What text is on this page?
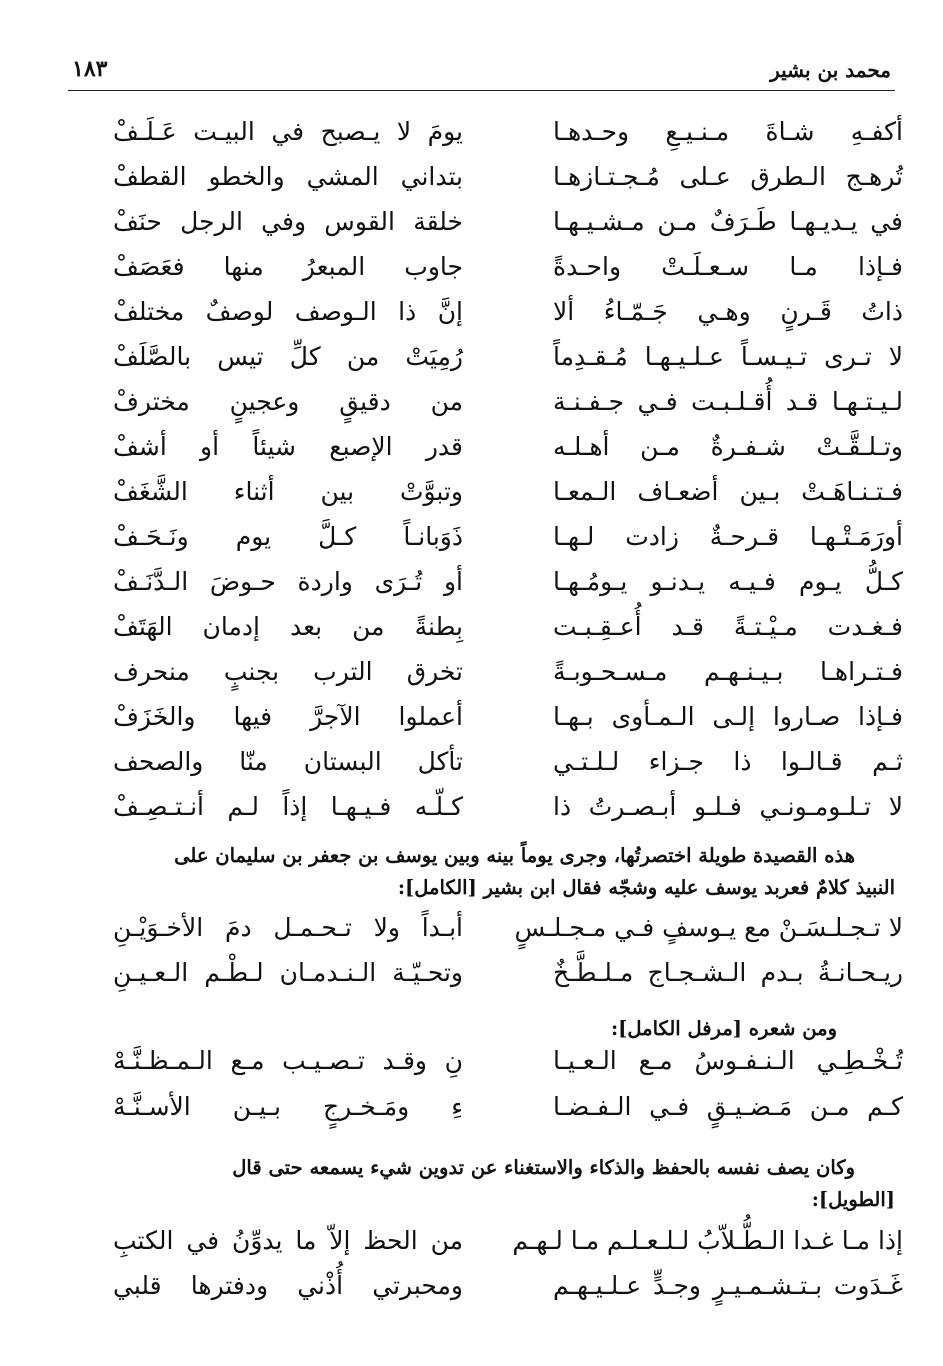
محمد بن بشير
١٨٣
أكفـهِ شـاةَ مـنـيـعِ وحـدهـا
يومَ لا يـصبح في البيـت عَـلَـفْ
تُرهـج الـطرق عـلى مُـجـتـازهـا
بتداني المشي والخطو القطفْ
في يـديـهـا طَـرَفٌ مـن مـشـيـهـا
خلقة القوس وفي الرجل حنَفْ
فـإذا مـا سـعـلَـتْ واحـدةً
جاوب المبعرُ منها فعَصَفْ
ذاتُ قَـرنٍ وهـي جَـمّـاءُ ألا
إنَّ ذا الـوصف لوصفٌ مختلفْ
لا تـرى تـيـسـاً عـلـيـهـا مُـقـدِماً
رُمِيَتْ من كلِّ تيس بالصَّلَفْ
لـيـتـهـا قـد أُقـلـبـت فـي جـفـنـة
من دقيقٍ وعجينٍ مخترفْ
وتـلـقَّـتْ شـفـرةٌ مـن أهـلـه
قدر الإصبع شيئاً أو أشفْ
فـتـنـاهَـتْ بـين أضعـاف الـمعـا
وتبوَّتْ بين أثناء الشَّغَفْ
أورَمَـتْـهـا قـرحـةٌ زادت لـهـا
ذَوَبانـاً كـلَّ يوم ونَـحَـفْ
كـلُّ يـوم فـيـه يـدنـو يـومُـهـا
أو تُـرَى واردة حـوضَ الـدَّنَـفْ
فـغـدت مـيْـتـةً قـد أُعـقِـبـت
بِطنةً من بعد إدمان الهَتَفْ
فـتـراهـا بـيـنـهـم مـسـحـوبـةً
تخرق الترب بجنبٍ منحرف
فـإذا صـاروا إلـى الـمـأوى بـهـا
أعملوا الآجرَّ فيها والخَزَفْ
ثـم قـالـوا ذا جـزاء لـلـتـي
تأكل البستان منّا والصحف
لا تـلـومـونـي فـلـو أبـصـرتُ ذا
كـلّـه فـيـهـا إذاً لـم أنـتـصِـفْ
هذه القصيدة طويلة اختصرتُها، وجرى يوماً بينه وبين يوسف بن جعفر بن سليمان على
النبيذ كلامٌ فعربد يوسف عليه وشجّه فقال ابن بشير [الكامل]:
لا تـجـلـسَـنْ مع يـوسفٍ فـي مـجـلـسٍ
أبـداً ولا تـحـمـل دمَ الأخـوَيْـنِ
ريـحـانـةُ بـدم الـشـجـاج مـلـطَّـخٌ
وتحـيّـة الـنـدمـان لـطْـم الـعـيـنِ
ومن شعره [مرفل الكامل]:
تُـخْـطِـي الـنـفـوسُ مـع الـعـيـا
نِ وقـد تـصـيـب مـع الـمـظـنَّـهْ
كـم مـن مَـضـيـقٍ فـي الـفـضـا
ءِ ومَـخـرجٍ بـيـن الأسـنَّـهْ
وكان يصف نفسه بالحفظ والذكاء والاستغناء عن تدوين شيء يسمعه حتى قال
[الطويل]:
إذا مـا غـدا الـطُّـلاّبُ لـلـعـلـم مـا لـهـم
من الحظ إلاّ ما يدوِّنُ في الكتبِ
غَـدَوت بـتـشـمـيـرٍ وجـدٍّ عـلـيـهـم
ومحبرتي أُذْني ودفترها قلبي
